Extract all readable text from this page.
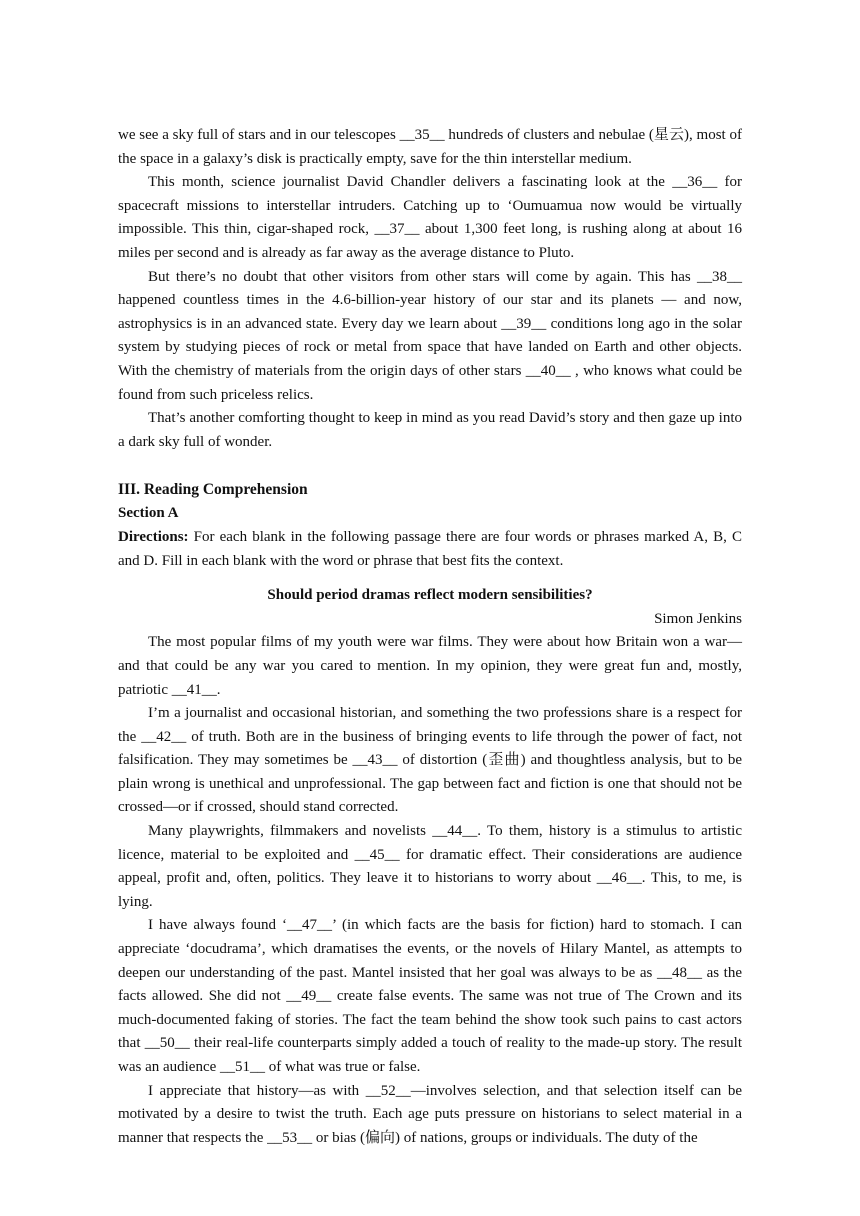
we see a sky full of stars and in our telescopes __35__ hundreds of clusters and nebulae (星云), most of the space in a galaxy’s disk is practically empty, save for the thin interstellar medium.

This month, science journalist David Chandler delivers a fascinating look at the __36__ for spacecraft missions to interstellar intruders. Catching up to ‘Oumuamua now would be virtually impossible. This thin, cigar-shaped rock, __37__ about 1,300 feet long, is rushing along at about 16 miles per second and is already as far away as the average distance to Pluto.

But there’s no doubt that other visitors from other stars will come by again. This has __38__ happened countless times in the 4.6-billion-year history of our star and its planets — and now, astrophysics is in an advanced state. Every day we learn about __39__ conditions long ago in the solar system by studying pieces of rock or metal from space that have landed on Earth and other objects. With the chemistry of materials from the origin days of other stars __40__ , who knows what could be found from such priceless relics.

That’s another comforting thought to keep in mind as you read David’s story and then gaze up into a dark sky full of wonder.

III. Reading Comprehension
Section A
Directions: For each blank in the following passage there are four words or phrases marked A, B, C and D. Fill in each blank with the word or phrase that best fits the context.
Should period dramas reflect modern sensibilities?
Simon Jenkins

The most popular films of my youth were war films. They were about how Britain won a war—and that could be any war you cared to mention. In my opinion, they were great fun and, mostly, patriotic __41__.

I’m a journalist and occasional historian, and something the two professions share is a respect for the __42__ of truth. Both are in the business of bringing events to life through the power of fact, not falsification. They may sometimes be __43__ of distortion (歪曲) and thoughtless analysis, but to be plain wrong is unethical and unprofessional. The gap between fact and fiction is one that should not be crossed—or if crossed, should stand corrected.

Many playwrights, filmmakers and novelists __44__. To them, history is a stimulus to artistic licence, material to be exploited and __45__ for dramatic effect. Their considerations are audience appeal, profit and, often, politics. They leave it to historians to worry about __46__. This, to me, is lying.

I have always found ‘__47__’ (in which facts are the basis for fiction) hard to stomach. I can appreciate ‘docudrama’, which dramatises the events, or the novels of Hilary Mantel, as attempts to deepen our understanding of the past. Mantel insisted that her goal was always to be as __48__ as the facts allowed. She did not __49__ create false events. The same was not true of The Crown and its much-documented faking of stories. The fact the team behind the show took such pains to cast actors that __50__ their real-life counterparts simply added a touch of reality to the made-up story. The result was an audience __51__ of what was true or false.

I appreciate that history—as with __52__—involves selection, and that selection itself can be motivated by a desire to twist the truth. Each age puts pressure on historians to select material in a manner that respects the __53__ or bias (偏向) of nations, groups or individuals. The duty of the
